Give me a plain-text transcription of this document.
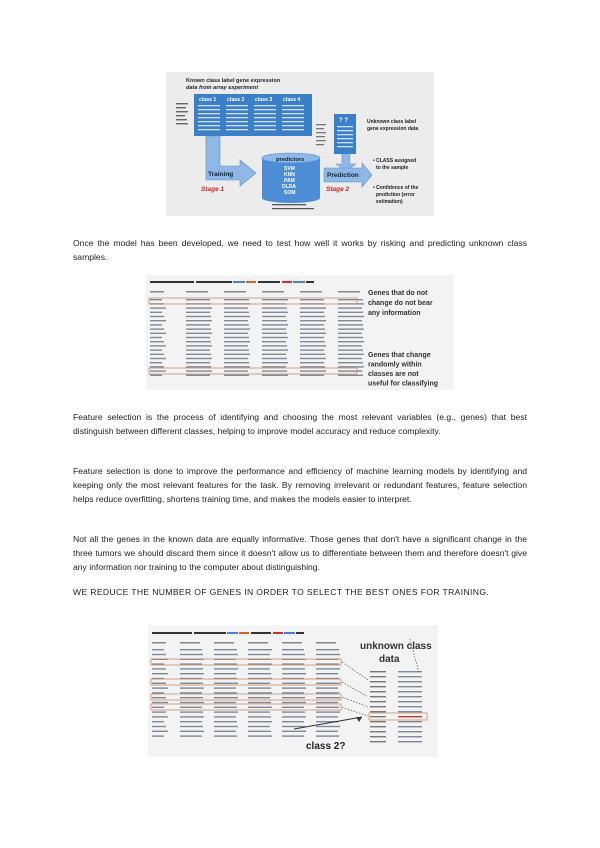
Known class label gene expression
data from array experiment
class 1 class 2 class 3 class 4
? ?	Unknown class label
gene expression data
Training
Stage 1
predictors
SVM
KNN
PAM
DLDA
SOM
Prediction
Stage 2
• CLASS assigned
to the sample
• Confidence of the
prediction (error
estimation)

Once the model has been developed, we need to test how well it works by risking and predicting unknown class samples.

Genes that do not
change do not bear
any information
Genes that change
randomly within
classes are not
useful for classifying

Feature selection is the process of identifying and choosing the most relevant variables (e.g., genes) that best distinguish between different classes, helping to improve model accuracy and reduce complexity.

Feature selection is done to improve the performance and efficiency of machine learning models by identifying and keeping only the most relevant features for the task. By removing irrelevant or redundant features, feature selection helps reduce overfitting, shortens training time, and makes the models easier to interpret.

Not all the genes in the known data are equally informative. Those genes that don't have a significant change in the three tumors we should discard them since it doesn't allow us to differentiate between them and therefore doesn't give any information nor training to the computer about distinguishing.

WE REDUCE THE NUMBER OF GENES IN ORDER TO SELECT THE BEST ONES FOR TRAINING.

unknown class
data
class 2?
